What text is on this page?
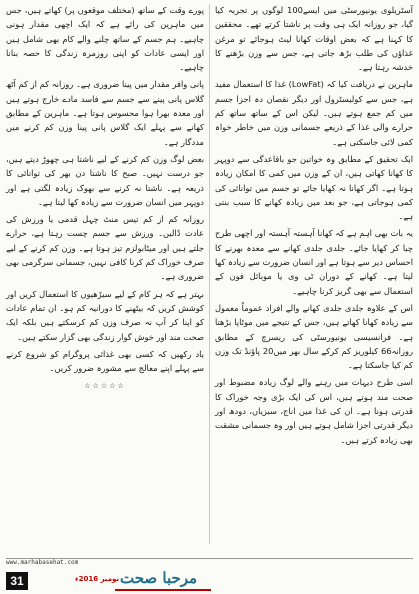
آسٹریلوی یونیورسٹی میں ایسے100 لوگوں پر تجربہ کیا گیا، جو روزانہ ایک ہی وقت پر ناشتا کرتے تھے۔ محققین کا کہنا ہے کہ بعض اوقات کھانا لیٹ ہوجائے تو مرغن غذاؤں کی طلب بڑھ جاتی ہے، جس سے وزن بڑھنے کا خدشہ رہتا ہے۔

ماہرین نے دریافت کیا کہ (LowFat) غذا کا استعمال مفید ہے، جس سے کولیسٹرول اور دیگر نقصان دہ اجزا جسم میں کم جمع ہوتے ہیں۔ لیکن اس کے ساتھ ساتھ کم حرارے والی غذا کے ذریعے جسمانی وزن میں خاطر خواہ کمی لائی جاسکتی ہے۔

ایک تحقیق کے مطابق وہ خواتین جو باقاعدگی سے دوپہر کا کھانا کھاتی ہیں، ان کے وزن میں کمی کا امکان زیادہ ہوتا ہے۔ اگر کھانا نہ کھایا جائے تو جسم میں توانائی کی کمی ہوجاتی ہے، جو بعد میں زیادہ کھانے کا سبب بنتی ہے۔

یہ بات بھی اہم ہے کہ کھانا آہستہ آہستہ اور اچھی طرح چبا کر کھایا جائے۔ جلدی جلدی کھانے سے معدہ بھرنے کا احساس دیر سے ہوتا ہے اور انسان ضرورت سے زیادہ کھا لیتا ہے۔ کھانے کے دوران ٹی وی یا موبائل فون کے استعمال سے بھی گریز کرنا چاہیے۔

اس کے علاوہ جلدی جلدی کھانے والے افراد عموماً معمول سے زیادہ کھانا کھاتے ہیں، جس کے نتیجے میں موٹاپا بڑھتا ہے۔ فرانسیسی یونیورسٹی کی ریسرچ کے مطابق روزانہ66 کیلوریز کم کرکے سال بھر میں20 پاؤنڈ تک وزن کم کیا جاسکتا ہے۔

اسی طرح دیہات میں رہنے والے لوگ زیادہ مضبوط اور صحت مند ہوتے ہیں، اس کی ایک بڑی وجہ خوراک کا قدرتی ہونا ہے۔ ان کی غذا میں اناج، سبزیاں، دودھ اور دیگر قدرتی اجزا شامل ہوتے ہیں اور وہ جسمانی مشقت بھی زیادہ کرتے ہیں۔

پورے وقت کے ساتھ (مختلف موقعوں پر) کھاتے ہیں، جس میں ماہرین کی رائے ہے کہ ایک اچھی مقدار ہونی چاہیے۔ ہم جسم کے ساتھ چلنے والے کام بھی شامل ہیں اور ایسی عادات کو اپنی روزمرہ زندگی کا حصہ بنانا چاہیے۔

پانی وافر مقدار میں پینا ضروری ہے۔ روزانہ کم از کم آٹھ گلاس پانی پینے سے جسم سے فاسد مادے خارج ہوتے ہیں اور معدہ بھرا ہوا محسوس ہوتا ہے۔ ماہرین کے مطابق کھانے سے پہلے ایک گلاس پانی پینا وزن کم کرنے میں مددگار ہے۔

بعض لوگ وزن کم کرنے کے لیے ناشتا ہی چھوڑ دیتے ہیں، جو درست نہیں۔ صبح کا ناشتا دن بھر کی توانائی کا ذریعہ ہے۔ ناشتا نہ کرنے سے بھوک زیادہ لگتی ہے اور دوپہر میں انسان ضرورت سے زیادہ کھا لیتا ہے۔

روزانہ کم از کم تیس منٹ چہل قدمی یا ورزش کی عادت ڈالیں۔ ورزش سے جسم چست رہتا ہے، حرارے جلتے ہیں اور میٹابولزم تیز ہوتا ہے۔ وزن کم کرنے کے لیے صرف خوراک کم کرنا کافی نہیں، جسمانی سرگرمی بھی ضروری ہے۔

بہتر ہے کہ ہر کام کے لیے سیڑھیوں کا استعمال کریں اور کوشش کریں کہ بیٹھنے کا دورانیہ کم ہو۔ ان تمام عادات کو اپنا کر آپ نہ صرف وزن کم کرسکتے ہیں بلکہ ایک صحت مند اور خوش گوار زندگی بھی گزار سکتے ہیں۔

یاد رکھیں کہ کسی بھی غذائی پروگرام کو شروع کرنے سے پہلے اپنے معالج سے مشورہ ضرور کریں۔

☆☆☆☆☆
www.marhabasehat.com
31	نومبر 2016ء مرحبا صحت
